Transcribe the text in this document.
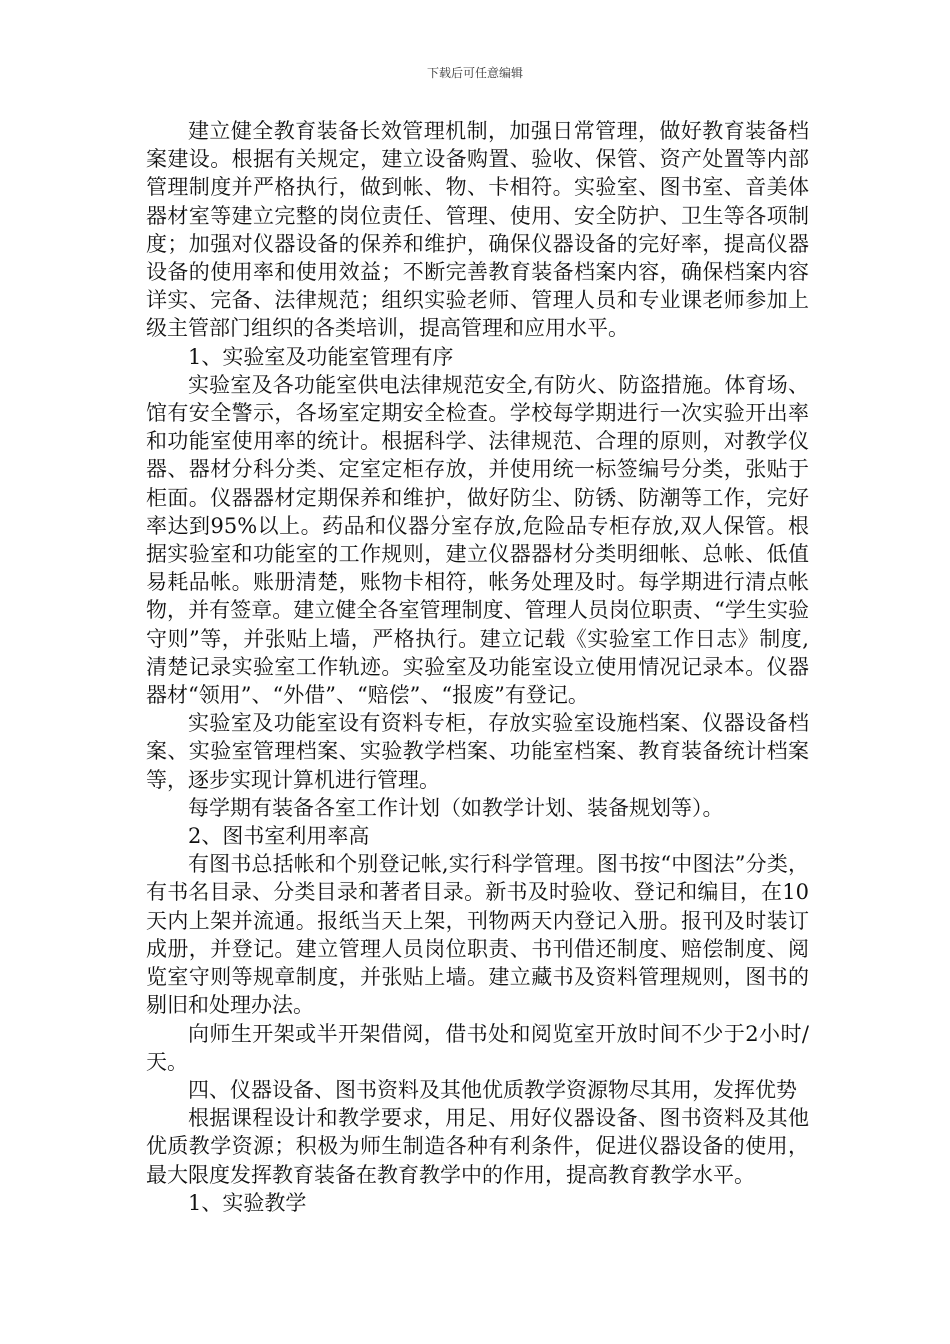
下载后可任意编辑

建立健全教育装备长效管理机制，加强日常管理，做好教育装备档案建设。根据有关规定，建立设备购置、验收、保管、资产处置等内部管理制度并严格执行，做到帐、物、卡相符。实验室、图书室、音美体器材室等建立完整的岗位责任、管理、使用、安全防护、卫生等各项制度；加强对仪器设备的保养和维护，确保仪器设备的完好率，提高仪器设备的使用率和使用效益；不断完善教育装备档案内容，确保档案内容详实、完备、法律规范；组织实验老师、管理人员和专业课老师参加上级主管部门组织的各类培训，提高管理和应用水平。

1、实验室及功能室管理有序

实验室及各功能室供电法律规范安全,有防火、防盗措施。体育场、馆有安全警示，各场室定期安全检查。学校每学期进行一次实验开出率和功能室使用率的统计。根据科学、法律规范、合理的原则，对教学仪器、器材分科分类、定室定柜存放，并使用统一标签编号分类，张贴于柜面。仪器器材定期保养和维护，做好防尘、防锈、防潮等工作，完好率达到95%以上。药品和仪器分室存放,危险品专柜存放,双人保管。根据实验室和功能室的工作规则，建立仪器器材分类明细帐、总帐、低值易耗品帐。账册清楚，账物卡相符，帐务处理及时。每学期进行清点帐物，并有签章。建立健全各室管理制度、管理人员岗位职责、“学生实验守则”等，并张贴上墙，严格执行。建立记载《实验室工作日志》制度,清楚记录实验室工作轨迹。实验室及功能室设立使用情况记录本。仪器器材“领用”、“外借”、“赔偿”、“报废”有登记。

实验室及功能室设有资料专柜，存放实验室设施档案、仪器设备档案、实验室管理档案、实验教学档案、功能室档案、教育装备统计档案等，逐步实现计算机进行管理。

每学期有装备各室工作计划（如教学计划、装备规划等）。

2、图书室利用率高

有图书总括帐和个别登记帐,实行科学管理。图书按“中图法”分类，有书名目录、分类目录和著者目录。新书及时验收、登记和编目，在10天内上架并流通。报纸当天上架，刊物两天内登记入册。报刊及时装订成册，并登记。建立管理人员岗位职责、书刊借还制度、赔偿制度、阅览室守则等规章制度，并张贴上墙。建立藏书及资料管理规则，图书的剔旧和处理办法。

向师生开架或半开架借阅，借书处和阅览室开放时间不少于2小时/天。

四、仪器设备、图书资料及其他优质教学资源物尽其用，发挥优势

根据课程设计和教学要求，用足、用好仪器设备、图书资料及其他优质教学资源；积极为师生制造各种有利条件，促进仪器设备的使用，最大限度发挥教育装备在教育教学中的作用，提高教育教学水平。

1、实验教学
